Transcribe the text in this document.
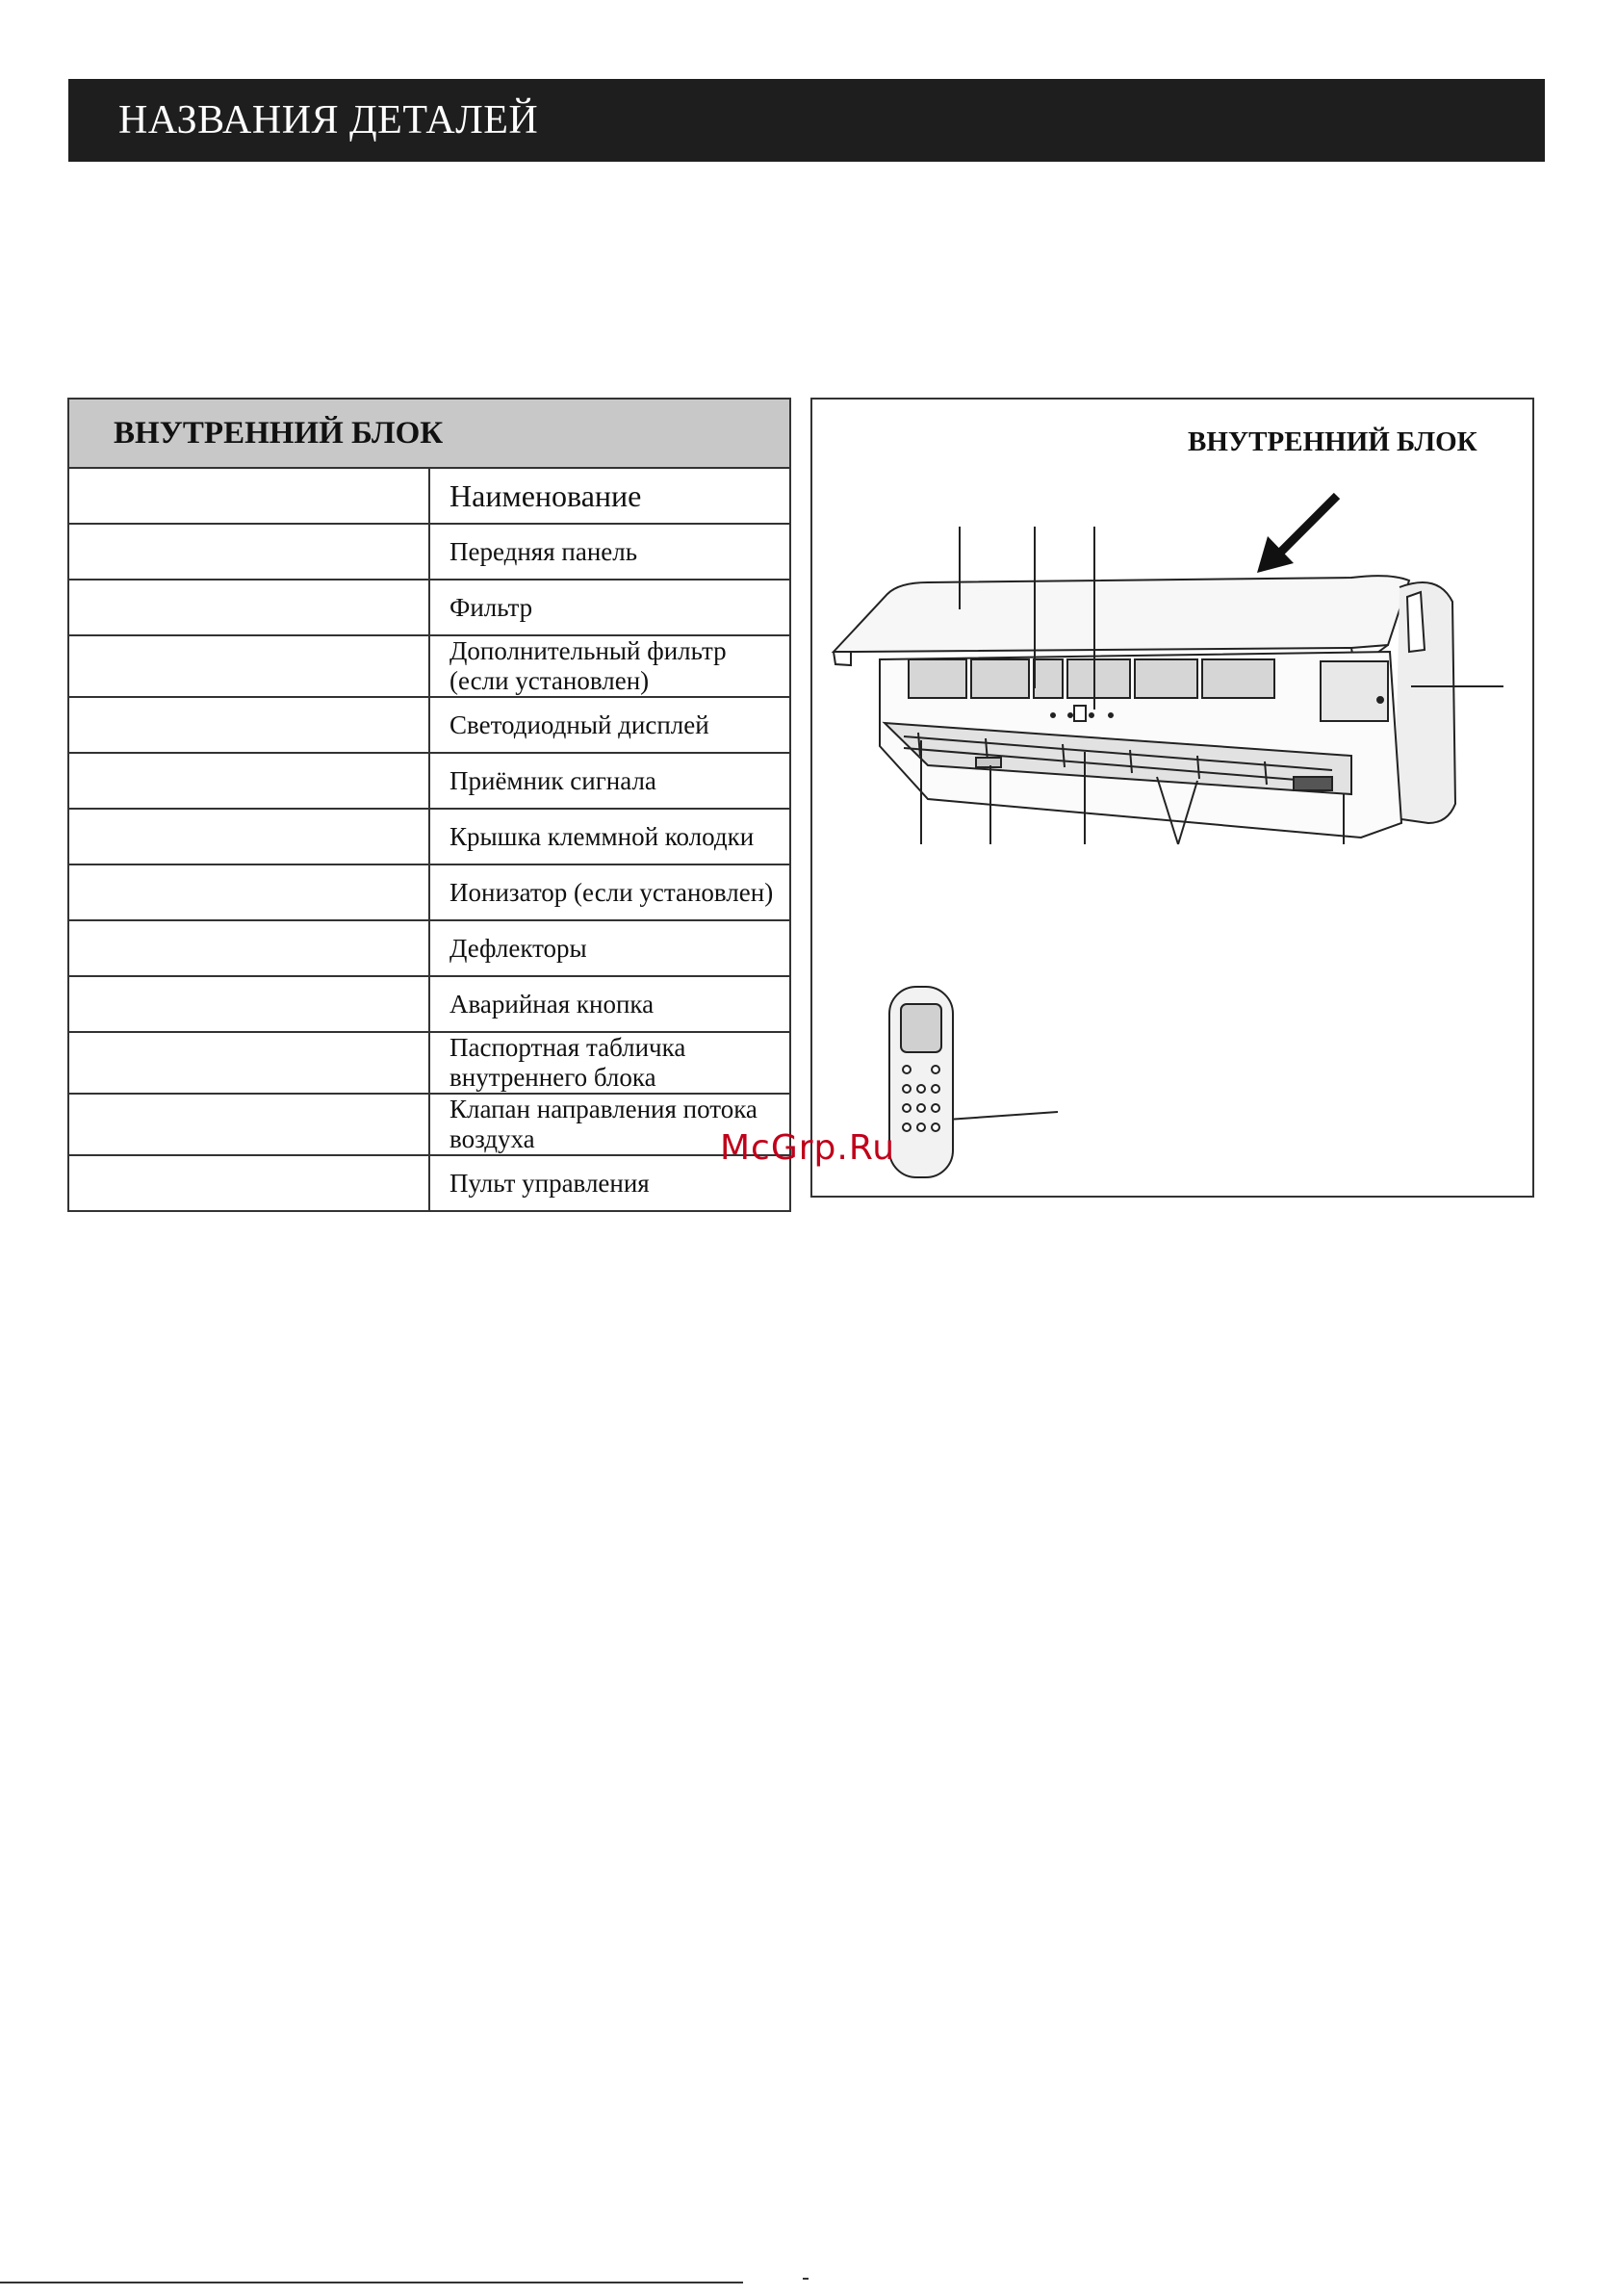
НАЗВАНИЯ ДЕТАЛЕЙ
ВНУТРЕННИЙ БЛОК	
	Наименование
	Передняя панель
	Фильтр
	Дополнительный фильтр (если установлен)
	Светодиодный дисплей
	Приёмник сигнала
	Крышка клеммной колодки
	Ионизатор (если установлен)
	Дефлекторы
	Аварийная кнопка
	Паспортная табличка внутреннего блока
	Клапан направления потока воздуха
	Пульт управления
ВНУТРЕННИЙ БЛОК
McGrp.Ru
